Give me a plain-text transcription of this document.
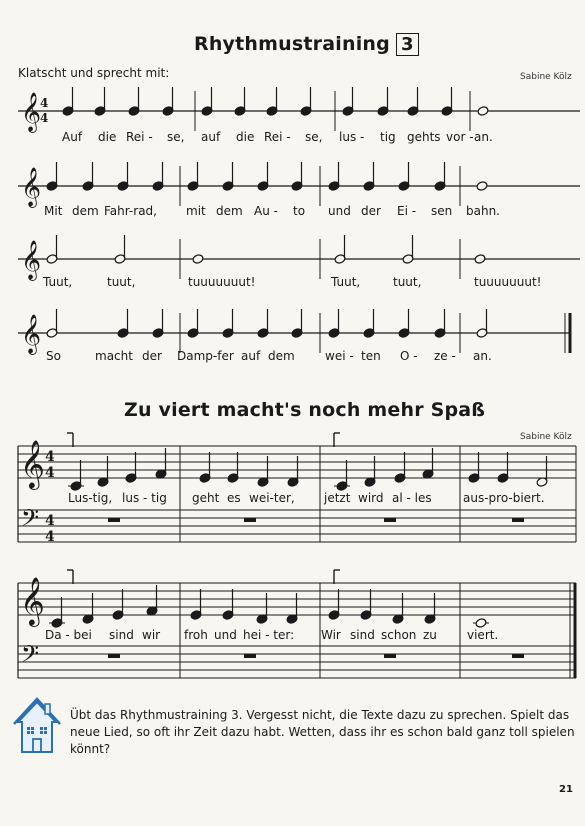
Rhythmustraining 3
Klatscht und sprecht mit:	Sabine Kölz
Zu viert macht's noch mehr Spaß
Sabine Kölz
𝄞
4
4
𝄞
𝄞
𝄞
𝄞
𝄢
4
4
4
4
𝄞
𝄢
Auf die Rei - se, auf die Rei - se, lus - tig gehts vor - an.
Mit dem Fahr-rad, mit dem Au - to und der Ei - sen bahn.
Tuut,	tuut,	tuuuuuuut!	Tuut,	tuut,	tuuuuuuut!
So	macht der Damp-fer auf dem	wei - ten O - ze - an.
Lus-tig, lus - tig geht es wei-ter, jetzt wird al - les	aus-pro-biert.
Da - bei sind wir froh und hei - ter: Wir sind schon zu	viert.
Übt das Rhythmustraining 3. Vergesst nicht, die Texte dazu zu sprechen. Spielt das neue Lied, so oft ihr Zeit dazu habt. Wetten, dass ihr es schon bald ganz toll spielen könnt?
21
